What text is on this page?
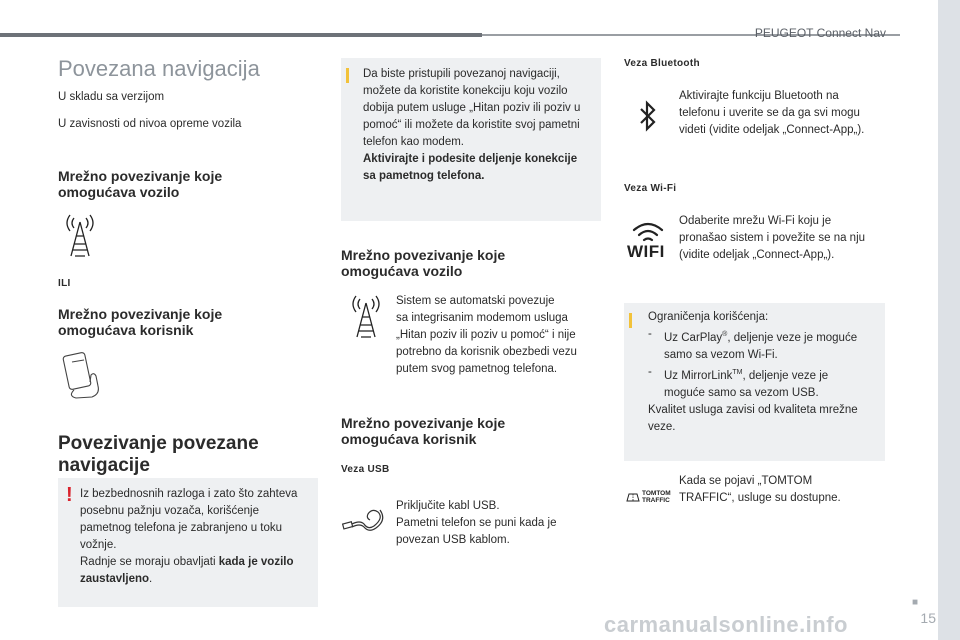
PEUGEOT Connect Nav
Povezana navigacija
U skladu sa verzijom
U zavisnosti od nivoa opreme vozila
Mrežno povezivanje koje
omogućava vozilo
ILI
Mrežno povezivanje koje
omogućava korisnik
Povezivanje povezane
navigacije
! Iz bezbednosnih razloga i zato što zahteva
posebnu pažnju vozača, korišćenje
pametnog telefona je zabranjeno u toku
vožnje.
Radnje se moraju obavljati kada je vozilo
zaustavljeno.
Da biste pristupili povezanoj navigaciji,
možete da koristite konekciju koju vozilo
dobija putem usluge „Hitan poziv ili poziv u
pomoć“ ili možete da koristite svoj pametni
telefon kao modem.
Aktivirajte i podesite deljenje konekcije
sa pametnog telefona.
Mrežno povezivanje koje
omogućava vozilo
Sistem se automatski povezuje
sa integrisanim modemom usluga
„Hitan poziv ili poziv u pomoć“ i nije
potrebno da korisnik obezbedi vezu
putem svog pametnog telefona.
Mrežno povezivanje koje
omogućava korisnik
Veza USB
Priključite kabl USB.
Pametni telefon se puni kada je
povezan USB kablom.
Veza Bluetooth
Aktivirajte funkciju Bluetooth na
telefonu i uverite se da ga svi mogu
videti (vidite odeljak „Connect-App„).
Veza Wi-Fi
WIFI
Odaberite mrežu Wi-Fi koju je
pronašao sistem i povežite se na nju
(vidite odeljak „Connect-App„).
Ograničenja korišćenja:
-	Uz CarPlay®, deljenje veze je moguće
samo sa vezom Wi-Fi.
-	Uz MirrorLink™, deljenje veze je
moguće samo sa vezom USB.
Kvalitet usluga zavisi od kvaliteta mrežne
veze.
TOMTOM
TRAFFIC
Kada se pojavi „TOMTOM
TRAFFIC“, usluge su dostupne.
■
15
carmanualsonline.info
